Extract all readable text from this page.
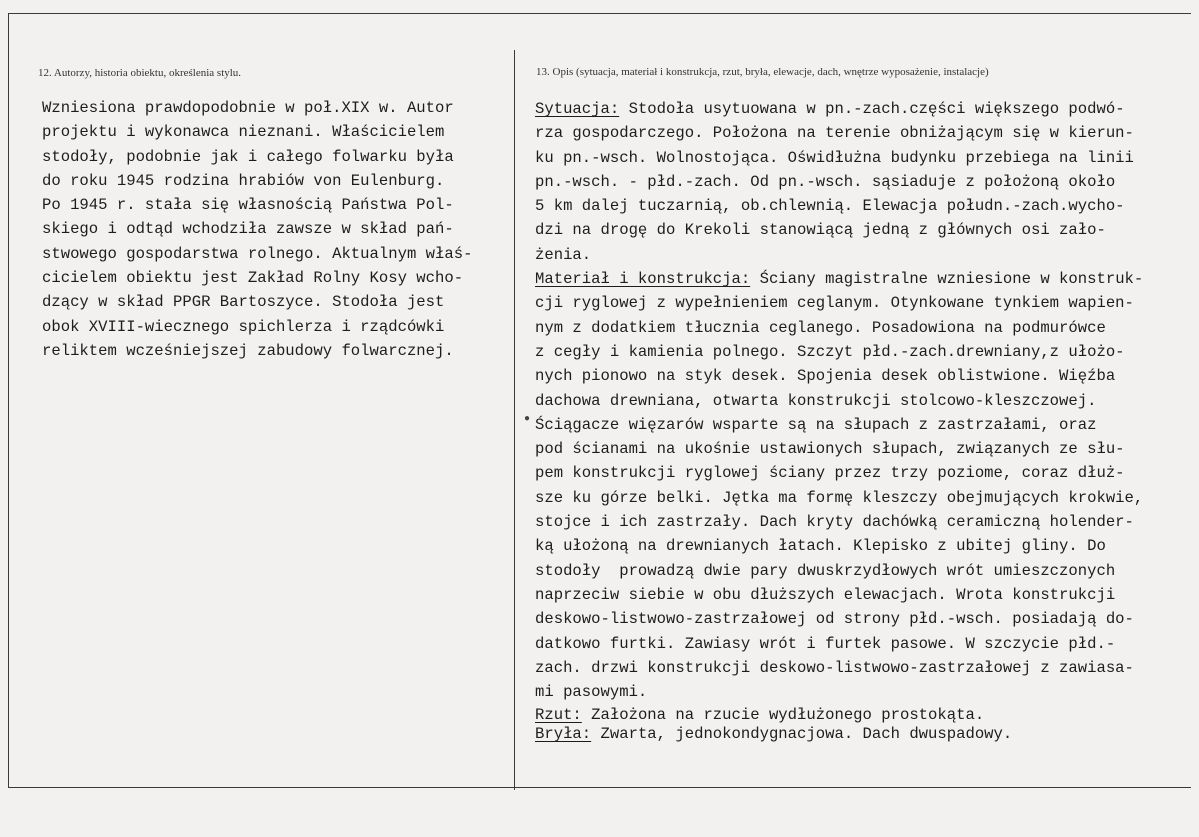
12. Autorzy, historia obiektu, określenia stylu.	13. Opis (sytuacja, materiał i konstrukcja, rzut, bryła, elewacje, dach, wnętrze wyposażenie, instalacje)
Wzniesiona prawdopodobnie w poł.XIX w. Autor
projektu i wykonawca nieznani. Właścicielem
stodoły, podobnie jak i całego folwarku była
do roku 1945 rodzina hrabiów von Eulenburg.
Po 1945 r. stała się własnością Państwa Pol-
skiego i odtąd wchodziła zawsze w skład pań-
stwowego gospodarstwa rolnego. Aktualnym właś-
cicielem obiektu jest Zakład Rolny Kosy wcho-
dzący w skład PPGR Bartoszyce. Stodoła jest
obok XVIII-wiecznego spichlerza i rządcówki
reliktem wcześniejszej zabudowy folwarcznej.
Sytuacja: Stodoła usytuowana w pn.-zach.części większego podwó-
rza gospodarczego. Położona na terenie obniżającym się w kierun-
ku pn.-wsch. Wolnostojąca. Oświdłużna budynku przebiega na linii
pn.-wsch. - płd.-zach. Od pn.-wsch. sąsiaduje z położoną około
5 km dalej tuczarnią, ob.chlewnią. Elewacja połudn.-zach.wycho-
dzi na drogę do Krekoli stanowiącą jedną z głównych osi zało-
żenia.
Materiał i konstrukcja: Ściany magistralne wzniesione w konstruk-
cji ryglowej z wypełnieniem ceglanym. Otynkowane tynkiem wapien-
nym z dodatkiem tłucznia ceglanego. Posadowiona na podmurówce
z cegły i kamienia polnego. Szczyt płd.-zach.drewniany,z ułożo-
nych pionowo na styk desek. Spojenia desek oblistwione. Więźba
dachowa drewniana, otwarta konstrukcji stolcowo-kleszczowej.
Ściągacze więzarów wsparte są na słupach z zastrzałami, oraz
pod ścianami na ukośnie ustawionych słupach, związanych ze słu-
pem konstrukcji ryglowej ściany przez trzy poziome, coraz dłuż-
sze ku górze belki. Jętka ma formę kleszczy obejmujących krokwie,
stojce i ich zastrzały. Dach kryty dachówką ceramiczną holender-
ką ułożoną na drewnianych łatach. Klepisko z ubitej gliny. Do
stodoły  prowadzą dwie pary dwuskrzydłowych wrót umieszczonych
naprzeciw siebie w obu dłuższych elewacjach. Wrota konstrukcji
deskowo-listwowo-zastrzałowej od strony płd.-wsch. posiadają do-
datkowo furtki. Zawiasy wrót i furtek pasowe. W szczycie płd.-
zach. drzwi konstrukcji deskowo-listwowo-zastrzałowej z zawiasa-
mi pasowymi.
Rzut: Założona na rzucie wydłużonego prostokąta.
Bryła: Zwarta, jednokondygnacjowa. Dach dwuspadowy.
●
